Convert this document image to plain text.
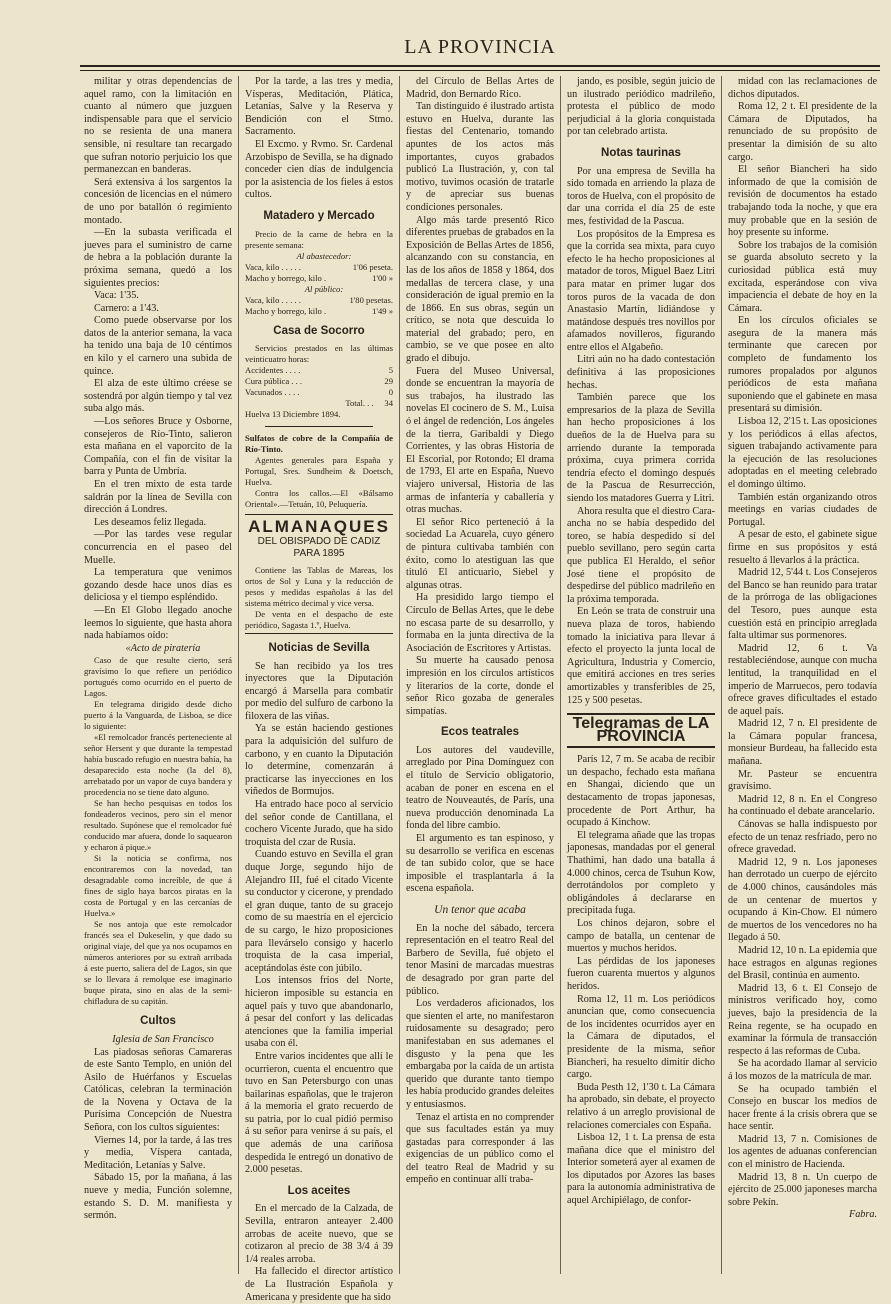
LA PROVINCIA

militar y otras dependencias de aquel ramo, con la limitación en cuanto al número que juzguen indispensable para que el servicio no se resienta de una manera sensible, ni resultare tan recargado que sufran notorio perjuicio los que permanezcan en banderas.

Será extensiva á los sargentos la concesión de licencias en el número de uno por batallón ó regimiento montado.

—En la subasta verificada el jueves para el suministro de carne de hebra a la población durante la próxima semana, quedó a los siguientes precios:

Vaca: 1'35.

Carnero: a 1'43.

Como puede observarse por los datos de la anterior semana, la vaca ha tenido una baja de 10 céntimos en kilo y el carnero una subida de quince.

El alza de este último créese se sostendrá por algún tiempo y tal vez suba algo más.

—Los señores Bruce y Osborne, consejeros de Río-Tinto, salieron esta mañana en el vaporcito de la Compañía, con el fin de visitar la barra y Punta de Umbría.

En el tren mixto de esta tarde saldrán por la línea de Sevilla con dirección á Londres.

Les deseamos feliz llegada.

—Por las tardes vese regular concurrencia en el paseo del Muelle.

La temperatura que venimos gozando desde hace unos días es deliciosa y el tiempo espléndido.

—En El Globo llegado anoche leemos lo siguiente, que hasta ahora nada habíamos oído:

«Acto de piratería

Caso de que resulte cierto, será gravísimo lo que refiere un periódico portugués como ocurrido en el puerto de Lagos.

En telegrama dirigido desde dicho puerto á la Vanguarda, de Lisboa, se dice lo siguiente:

«El remolcador francés perteneciente al señor Hersent y que durante la tempestad había buscado refugio en nuestra bahía, ha desaparecido esta noche (la del 8), arrebatado por un vapor de cuya bandera y procedencia no se tiene dato alguno.

Se han hecho pesquisas en todos los fondeaderos vecinos, pero sin el menor resultado. Supónese que el remolcador fué conducido mar afuera, donde lo saquearon y echaron á pique.»

Si la noticia se confirma, nos encontraremos con la novedad, tan desagradable como increíble, de que á fines de siglo haya barcos piratas en la costa de Portugal y en las cercanías de Huelva.»

Se nos antoja que este remolcador francés sea el Dukeselin, y que dado su original viaje, del que ya nos ocupamos en números anteriores por su extrañ arribada á este puerto, saliera del de Lagos, sin que se lo llevara á remolque ese imaginario buque pirata, sino en alas de la semi-chifladura de su capitán.

Cultos

Iglesia de San Francisco

Las piadosas señoras Camareras de este Santo Templo, en unión del Asilo de Huérfanos y Escuelas Católicas, celebran la terminación de la Novena y Octava de la Purísima Concepción de Nuestra Señora, con los cultos siguientes:

Viernes 14, por la tarde, á las tres y media, Víspera cantada, Meditación, Letanías y Salve.

Sábado 15, por la mañana, á las nueve y media, Función solemne, estando S. D. M. manifiesta y sermón.

Por la tarde, a las tres y media, Vísperas, Meditación, Plática, Letanías, Salve y la Reserva y Bendición con el Stmo. Sacramento.

El Excmo. y Rvmo. Sr. Cardenal Arzobispo de Sevilla, se ha dignado conceder cien días de indulgencia por la asistencia de los fieles á estos cultos.

Matadero y Mercado

Precio de la carne de hebra en la presente semana:

Al abastecedor:

Vaca, kilo . . . . .	1'06 peseta.
Macho y borrego, kilo .	1'00 »

Al público:

Vaca, kilo . . . . .	1'80 pesetas.
Macho y borrego, kilo .	1'49 »
Casa de Socorro

Servicios prestados en las últimas veinticuatro horas:

Accidentes . . . .	5
Cura pública . . .	29
Vacunados . . . .	0
Total. . .	34

Huelva 13 Diciembre 1894.

Sulfatos de cobre de la Compañía de Río-Tinto.

Agentes generales para España y Portugal, Sres. Sundheim & Doetsch, Huelva.

Contra los callos.—El «Bálsamo Oriental».—Tetuán, 10, Peluquería.

ALMANAQUES
DEL OBISPADO DE CADIZ PARA 1895

Contiene las Tablas de Mareas, los ortos de Sol y Luna y la reducción de pesos y medidas españolas á las del sistema métrico decimal y vice versa.

De venta en el despacho de este periódico, Sagasta 1.º, Huelva.

Noticias de Sevilla

Se han recibido ya los tres inyectores que la Diputación encargó á Marsella para combatir por medio del sulfuro de carbono la filoxera de las viñas.

Ya se están haciendo gestiones para la adquisición del sulfuro de carbono, y en cuanto la Diputación lo determine, comenzarán á practicarse las inyecciones en los viñedos de Bormujos.

Ha entrado hace poco al servicio del señor conde de Cantillana, el cochero Vicente Jurado, que ha sido troquista del czar de Rusia.

Cuando estuvo en Sevilla el gran duque Jorge, segundo hijo de Alejandro III, fué el citado Vicente su conductor y cicerone, y prendado el gran duque, tanto de su gracejo como de su maestría en el ejercicio de su cargo, le hizo proposiciones para llevárselo consigo y hacerlo troquista de la casa imperial, aceptándolas éste con júbilo.

Los intensos fríos del Norte, hicieron imposible su estancia en aquel país y tuvo que abandonarlo, á pesar del confort y las delicadas atenciones que la familia imperial usaba con él.

Entre varios incidentes que allí le ocurrieron, cuenta el encuentro que tuvo en San Petersburgo con unas bailarinas españolas, que le trajeron á la memoria el grato recuerdo de su patria, por lo cual pidió permiso á su señor para venirse á su país, el que además de una cariñosa despedida le entregó un donativo de 2.000 pesetas.

Los aceites

En el mercado de la Calzada, de Sevilla, entraron anteayer 2.400 arrobas de aceite nuevo, que se cotizaron al precio de 38 3/4 á 39 1/4 reales arroba.

Ha fallecido el director artístico de La Ilustración Española y Americana y presidente que ha sido

del Círculo de Bellas Artes de Madrid, don Bernardo Rico.

Tan distinguido é ilustrado artista estuvo en Huelva, durante las fiestas del Centenario, tomando apuntes de los actos más importantes, cuyos grabados publicó La Ilustración, y, con tal motivo, tuvimos ocasión de tratarle y de apreciar sus buenas condiciones personales.

Algo más tarde presentó Rico diferentes pruebas de grabados en la Exposición de Bellas Artes de 1856, alcanzando con su constancia, en las de los años de 1858 y 1864, dos medallas de tercera clase, y una consideración de igual premio en la de 1866. En sus obras, según un crítico, se nota que descuida lo material del grabado; pero, en cambio, se ve que posee en alto grado el dibujo.

Fuera del Museo Universal, donde se encuentran la mayoría de sus trabajos, ha ilustrado las novelas El cocinero de S. M., Luisa ó el ángel de redención, Los ángeles de la tierra, Garibaldi y Diego Corrientes, y las obras Historia de El Escorial, por Rotondo; El drama de 1793, El arte en España, Nuevo viajero universal, Historia de las armas de infantería y caballería y otras muchas.

El señor Rico perteneció á la sociedad La Acuarela, cuyo género de pintura cultivaba también con éxito, como lo atestiguan las que tituló El anticuario, Siebel y algunas otras.

Ha presidido largo tiempo el Círculo de Bellas Artes, que le debe no escasa parte de su desarrollo, y formaba en la junta directiva de la Asociación de Escritores y Artistas.

Su muerte ha causado penosa impresión en los círculos artísticos y literarios de la corte, donde el señor Rico gozaba de generales simpatías.

Ecos teatrales

Los autores del vaudeville, arreglado por Pina Domínguez con el título de Servicio obligatorio, acaban de poner en escena en el teatro de Nouveautés, de París, una nueva producción denominada La fonda del libre cambio.

El argumento es tan espinoso, y su desarrollo se verifica en escenas de tan subido color, que se hace imposible el trasplantarla á la escena española.

Un tenor que acaba

En la noche del sábado, tercera representación en el teatro Real del Barbero de Sevilla, fué objeto el tenor Masini de marcadas muestras de desagrado por gran parte del público.

Los verdaderos aficionados, los que sienten el arte, no manifestaron ruidosamente su desagrado; pero manifestaban en sus ademanes el disgusto y la pena que les embargaba por la caída de un artista querido que durante tanto tiempo les había producido grandes deleites y entusiasmos.

Tenaz el artista en no comprender que sus facultades están ya muy gastadas para corresponder á las exigencias de un público como el del teatro Real de Madrid y su empeño en continuar allí traba-

jando, es posible, según juicio de un ilustrado periódico madrileño, protesta el público de modo perjudicial á la gloria conquistada por tan celebrado artista.

Notas taurinas

Por una empresa de Sevilla ha sido tomada en arriendo la plaza de toros de Huelva, con el propósito de dar una corrida el día 25 de este mes, festividad de la Pascua.

Los propósitos de la Empresa es que la corrida sea mixta, para cuyo efecto le ha hecho proposiciones al matador de toros, Miguel Baez Litri para matar en primer lugar dos toros puros de la vacada de don Anastasio Martín, lidiándose y matándose después tres novillos por afamados novilleros, figurando entre ellos el Algabeño.

Litri aún no ha dado contestación definitiva á las proposiciones hechas.

También parece que los empresarios de la plaza de Sevilla han hecho proposiciones á los dueños de la de Huelva para su arriendo durante la temporada próxima, cuya primera corrida tendría efecto el domingo después de la Pascua de Resurrección, siendo los matadores Guerra y Litri.

Ahora resulta que el diestro Cara-ancha no se había despedido del toreo, se había despedido sí del pueblo sevillano, pero según carta que publica El Heraldo, el señor José tiene el propósito de despedirse del público madrileño en la próxima temporada.

En León se trata de construir una nueva plaza de toros, habiendo tomado la iniciativa para llevar á efecto el proyecto la junta local de Agricultura, Industria y Comercio, que emitirá acciones en tres series amortizables y transferibles de 25, 125 y 500 pesetas.

Telegramas de LA PROVINCIA

París 12, 7 m. Se acaba de recibir un despacho, fechado esta mañana en Shangai, diciendo que un destacamento de tropas japonesas, procedente de Port Arthur, ha ocupado á Kinchow.

El telegrama añade que las tropas japonesas, mandadas por el general Thathimi, han dado una batalla á 4.000 chinos, cerca de Tsuhun Kow, derrotándolos por completo y obligándoles á declararse en precipitada fuga.

Los chinos dejaron, sobre el campo de batalla, un centenar de muertos y muchos heridos.

Las pérdidas de los japoneses fueron cuarenta muertos y algunos heridos.

Roma 12, 11 m. Los periódicos anuncian que, como consecuencia de los incidentes ocurridos ayer en la Cámara de diputados, el presidente de la misma, señor Biancheri, ha resuelto dimitir dicho cargo.

Buda Pesth 12, 1'30 t. La Cámara ha aprobado, sin debate, el proyecto relativo á un arreglo provisional de relaciones comerciales con España.

Lisboa 12, 1 t. La prensa de esta mañana dice que el ministro del Interior someterá ayer al examen de los diputados por Azores las bases para la autonomía administrativa de aquel Archipiélago, de confor-

midad con las reclamaciones de dichos diputados.

Roma 12, 2 t. El presidente de la Cámara de Diputados, ha renunciado de su propósito de presentar la dimisión de su alto cargo.

El señor Biancheri ha sido informado de que la comisión de revisión de documentos ha estado trabajando toda la noche, y que era muy probable que en la sesión de hoy presente su informe.

Sobre los trabajos de la comisión se guarda absoluto secreto y la curiosidad pública está muy excitada, esperándose con viva impaciencia el debate de hoy en la Cámara.

En los círculos oficiales se asegura de la manera más terminante que carecen por completo de fundamento los rumores propalados por algunos periódicos de esta mañana suponiendo que el gabinete en masa presentará su dimisión.

Lisboa 12, 2'15 t. Las oposiciones y los periódicos á ellas afectos, siguen trabajando activamente para la ejecución de las resoluciones adoptadas en el meeting celebrado el domingo último.

También están organizando otros meetings en varias ciudades de Portugal.

A pesar de esto, el gabinete sigue firme en sus propósitos y está resuelto á llevarlos á la práctica.

Madrid 12, 5'44 t. Los Consejeros del Banco se han reunido para tratar de la prórroga de las obligaciones del Tesoro, pues aunque esta cuestión está en principio arreglada falta ultimar sus pormenores.

Madrid 12, 6 t. Va restableciéndose, aunque con mucha lentitud, la tranquilidad en el imperio de Marruecos, pero todavía ofrece graves dificultades el estado de aquel país.

Madrid 12, 7 n. El presidente de la Cámara popular francesa, monsieur Burdeau, ha fallecido esta mañana.

Mr. Pasteur se encuentra gravísimo.

Madrid 12, 8 n. En el Congreso ha continuado el debate arancelario.

Cánovas se halla indispuesto por efecto de un tenaz resfriado, pero no ofrece gravedad.

Madrid 12, 9 n. Los japoneses han derrotado un cuerpo de ejército de 4.000 chinos, causándoles más de un centenar de muertos y ocupando á Kin-Chow. El número de muertos de los vencedores no ha llegado á 50.

Madrid 12, 10 n. La epidemia que hace estragos en algunas regiones del Brasil, continúa en aumento.

Madrid 13, 6 t. El Consejo de ministros verificado hoy, como jueves, bajo la presidencia de la Reina regente, se ha ocupado en examinar la fórmula de transacción respecto á las reformas de Cuba.

Se ha acordado llamar al servicio á los mozos de la matrícula de mar.

Se ha ocupado también el Consejo en buscar los medios de hacer frente á la crisis obrera que se hace sentir.

Madrid 13, 7 n. Comisiones de los agentes de aduanas conferencian con el ministro de Hacienda.

Madrid 13, 8 n. Un cuerpo de ejército de 25.000 japoneses marcha sobre Pekín.

Fabra.
